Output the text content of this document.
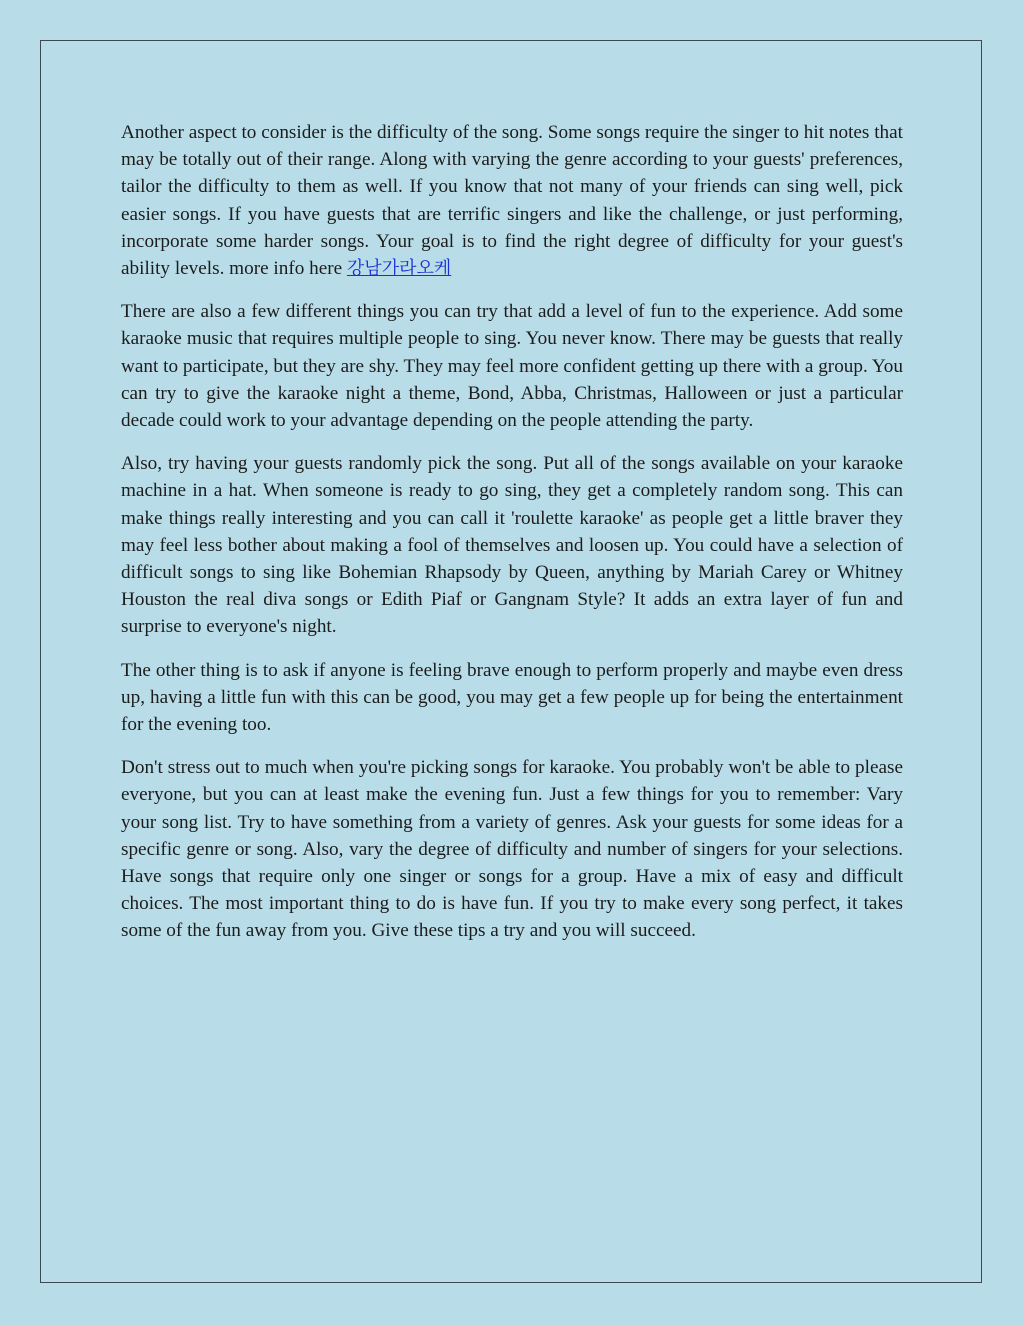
Another aspect to consider is the difficulty of the song. Some songs require the singer to hit notes that may be totally out of their range. Along with varying the genre according to your guests' preferences, tailor the difficulty to them as well. If you know that not many of your friends can sing well, pick easier songs. If you have guests that are terrific singers and like the challenge, or just performing, incorporate some harder songs. Your goal is to find the right degree of difficulty for your guest's ability levels. more info here 강남가라오케

There are also a few different things you can try that add a level of fun to the experience. Add some karaoke music that requires multiple people to sing. You never know. There may be guests that really want to participate, but they are shy. They may feel more confident getting up there with a group. You can try to give the karaoke night a theme, Bond, Abba, Christmas, Halloween or just a particular decade could work to your advantage depending on the people attending the party.

Also, try having your guests randomly pick the song. Put all of the songs available on your karaoke machine in a hat. When someone is ready to go sing, they get a completely random song. This can make things really interesting and you can call it 'roulette karaoke' as people get a little braver they may feel less bother about making a fool of themselves and loosen up. You could have a selection of difficult songs to sing like Bohemian Rhapsody by Queen, anything by Mariah Carey or Whitney Houston the real diva songs or Edith Piaf or Gangnam Style? It adds an extra layer of fun and surprise to everyone's night.

The other thing is to ask if anyone is feeling brave enough to perform properly and maybe even dress up, having a little fun with this can be good, you may get a few people up for being the entertainment for the evening too.

Don't stress out to much when you're picking songs for karaoke. You probably won't be able to please everyone, but you can at least make the evening fun. Just a few things for you to remember: Vary your song list. Try to have something from a variety of genres. Ask your guests for some ideas for a specific genre or song. Also, vary the degree of difficulty and number of singers for your selections. Have songs that require only one singer or songs for a group. Have a mix of easy and difficult choices. The most important thing to do is have fun. If you try to make every song perfect, it takes some of the fun away from you. Give these tips a try and you will succeed.
